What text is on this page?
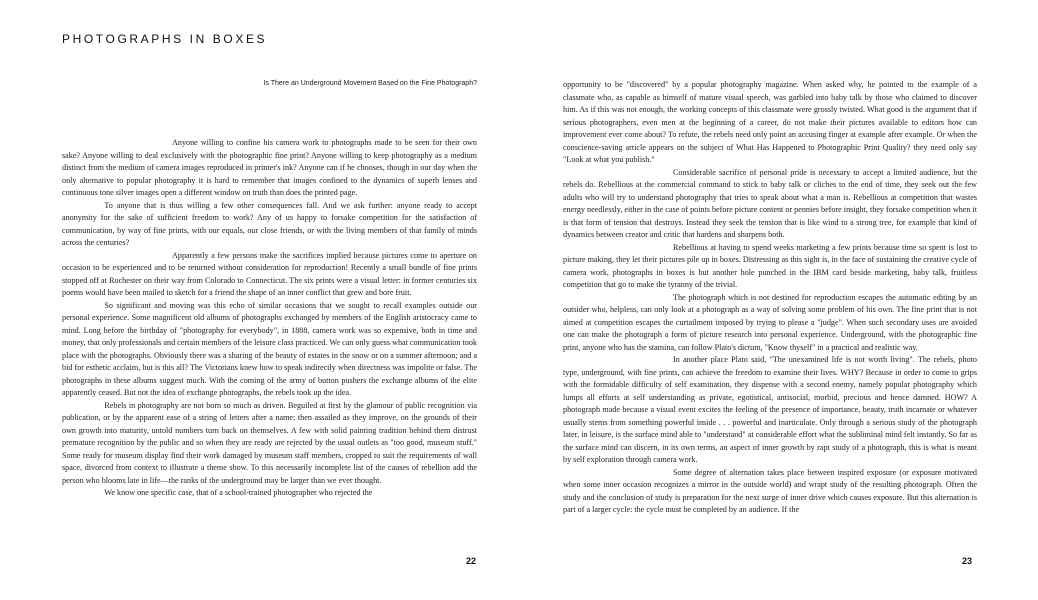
PHOTOGRAPHS IN BOXES
Is There an Underground Movement Based on the Fine Photograph?

Anyone willing to confine his camera work to photographs made to be seen for their own sake? Anyone willing to deal exclusively with the photographic fine print? Anyone willing to keep photography as a medium distinct from the medium of camera images reproduced in printer's ink? Anyone can if he chooses, though in our day when the only alternative to popular photography it is hard to remember that images confined to the dynamics of superb lenses and continuous tone silver images open a different window on truth than does the printed page.

To anyone that is thus willing a few other consequences fall. And we ask further: anyone ready to accept anonymity for the sake of sufficient freedom to work? Any of us happy to forsake competition for the satisfaction of communication, by way of fine prints, with our equals, our close friends, or with the living members of that family of minds across the centuries?

Apparently a few persons make the sacrifices implied because pictures come to aperture on occasion to be experienced and to be returned without consideration for reproduction! Recently a small bundle of fine prints stopped off at Rochester on their way from Colorado to Connecticut. The six prints were a visual letter: in former centuries six poems would have been mailed to sketch for a friend the shape of an inner conflict that grew and bore fruit.

So significant and moving was this echo of similar occasions that we sought to recall examples outside our personal experience. Some magnificent old albums of photographs exchanged by members of the English aristocracy came to mind. Long before the birthday of "photography for everybody", in 1888, camera work was so expensive, both in time and money, that only professionals and certain members of the leisure class practiced. We can only guess what communication took place with the photographs. Obviously there was a sharing of the beauty of estates in the snow or on a summer afternoon; and a bid for esthetic acclaim, but is this all? The Victorians knew how to speak indirectly when directness was impolite or false. The photographs in these albums suggest much. With the coming of the army of button pushers the exchange albums of the elite apparently ceased. But not the idea of exchange photographs, the rebels took up the idea.

Rebels in photography are not born so much as driven. Beguiled at first by the glamour of public recognition via publication, or by the apparent ease of a string of letters after a name; then assailed as they improve, on the grounds of their own growth into maturity, untold numbers turn back on themselves. A few with solid painting tradition behind them distrust premature recognition by the public and so when they are ready are rejected by the usual outlets as "too good, museum stuff." Some ready for museum display find their work damaged by museum staff members, cropped to suit the requirements of wall space, divorced from context to illustrate a theme show. To this necessarily incomplete list of the causes of rebellion add the person who blooms late in life—the ranks of the underground may be larger than we ever thought.

We know one specific case, that of a school-trained photographer who rejected the

22

opportunity to be "discovered" by a popular photography magazine. When asked why, he pointed to the example of a classmate who, as capable as himself of mature visual speech, was garbled into baby talk by those who claimed to discover him. As if this was not enough, the working concepts of this classmate were grossly twisted. What good is the argument that if serious photographers, even men at the beginning of a career, do not make their pictures available to editors how can improvement ever come about? To refute, the rebels need only point an accusing finger at example after example. Or when the conscience-saving article appears on the subject of What Has Happened to Photographic Print Quality? they need only say "Look at what you publish."

Considerable sacrifice of personal pride is necessary to accept a limited audience, but the rebels do. Rebellious at the commercial command to stick to baby talk or cliches to the end of time, they seek out the few adults who will try to understand photography that tries to speak about what a man is. Rebellious at competition that wastes energy needlessly, either in the case of points before picture content or pennies before insight, they forsake competition when it is that form of tension that destroys. Instead they seek the tension that is like wind to a strong tree, for example that kind of dynamics between creator and critic that hardens and sharpens both.

Rebellious at having to spend weeks marketing a few prints because time so spent is lost to picture making, they let their pictures pile up in boxes. Distressing as this sight is, in the face of sustaining the creative cycle of camera work, photographs in boxes is but another hole punched in the IBM card beside marketing, baby talk, fruitless competition that go to make the tyranny of the trivial.

The photograph which is not destined for reproduction escapes the automatic editing by an outsider who, helpless, can only look at a photograph as a way of solving some problem of his own. The fine print that is not aimed at competition escapes the curtailment imposed by trying to please a "judge". When such secondary uses are avoided one can make the photograph a form of picture research into personal experience. Underground, with the photographic fine print, anyone who has the stamina, can follow Plato's dictum, "Know thyself" in a practical and realistic way.

In another place Plato said, "The unexamined life is not worth living". The rebels, photo type, underground, with fine prints, can achieve the freedom to examine their lives. WHY? Because in order to come to grips with the formidable difficulty of self examination, they dispense with a second enemy, namely popular photography which lumps all efforts at self understanding as private, egotistical, antisocial, morbid, precious and hence damned. HOW? A photograph made because a visual event excites the feeling of the presence of importance, beauty, truth incarnate or whatever usually stems from something powerful inside . . . powerful and inarticulate. Only through a serious study of the photograph later, in leisure, is the surface mind able to "understand" at considerable effort what the subliminal mind felt instantly. So far as the surface mind can discern, in its own terms, an aspect of inner growth by rapt study of a photograph, this is what is meant by self exploration through camera work.

Some degree of alternation takes place between inspired exposure (or exposure motivated when some inner occasion recognizes a mirror in the outside world) and wrapt study of the resulting photograph. Often the study and the conclusion of study is preparation for the next surge of inner drive which causes exposure. But this alternation is part of a larger cycle: the cycle must be completed by an audience. If the

23
